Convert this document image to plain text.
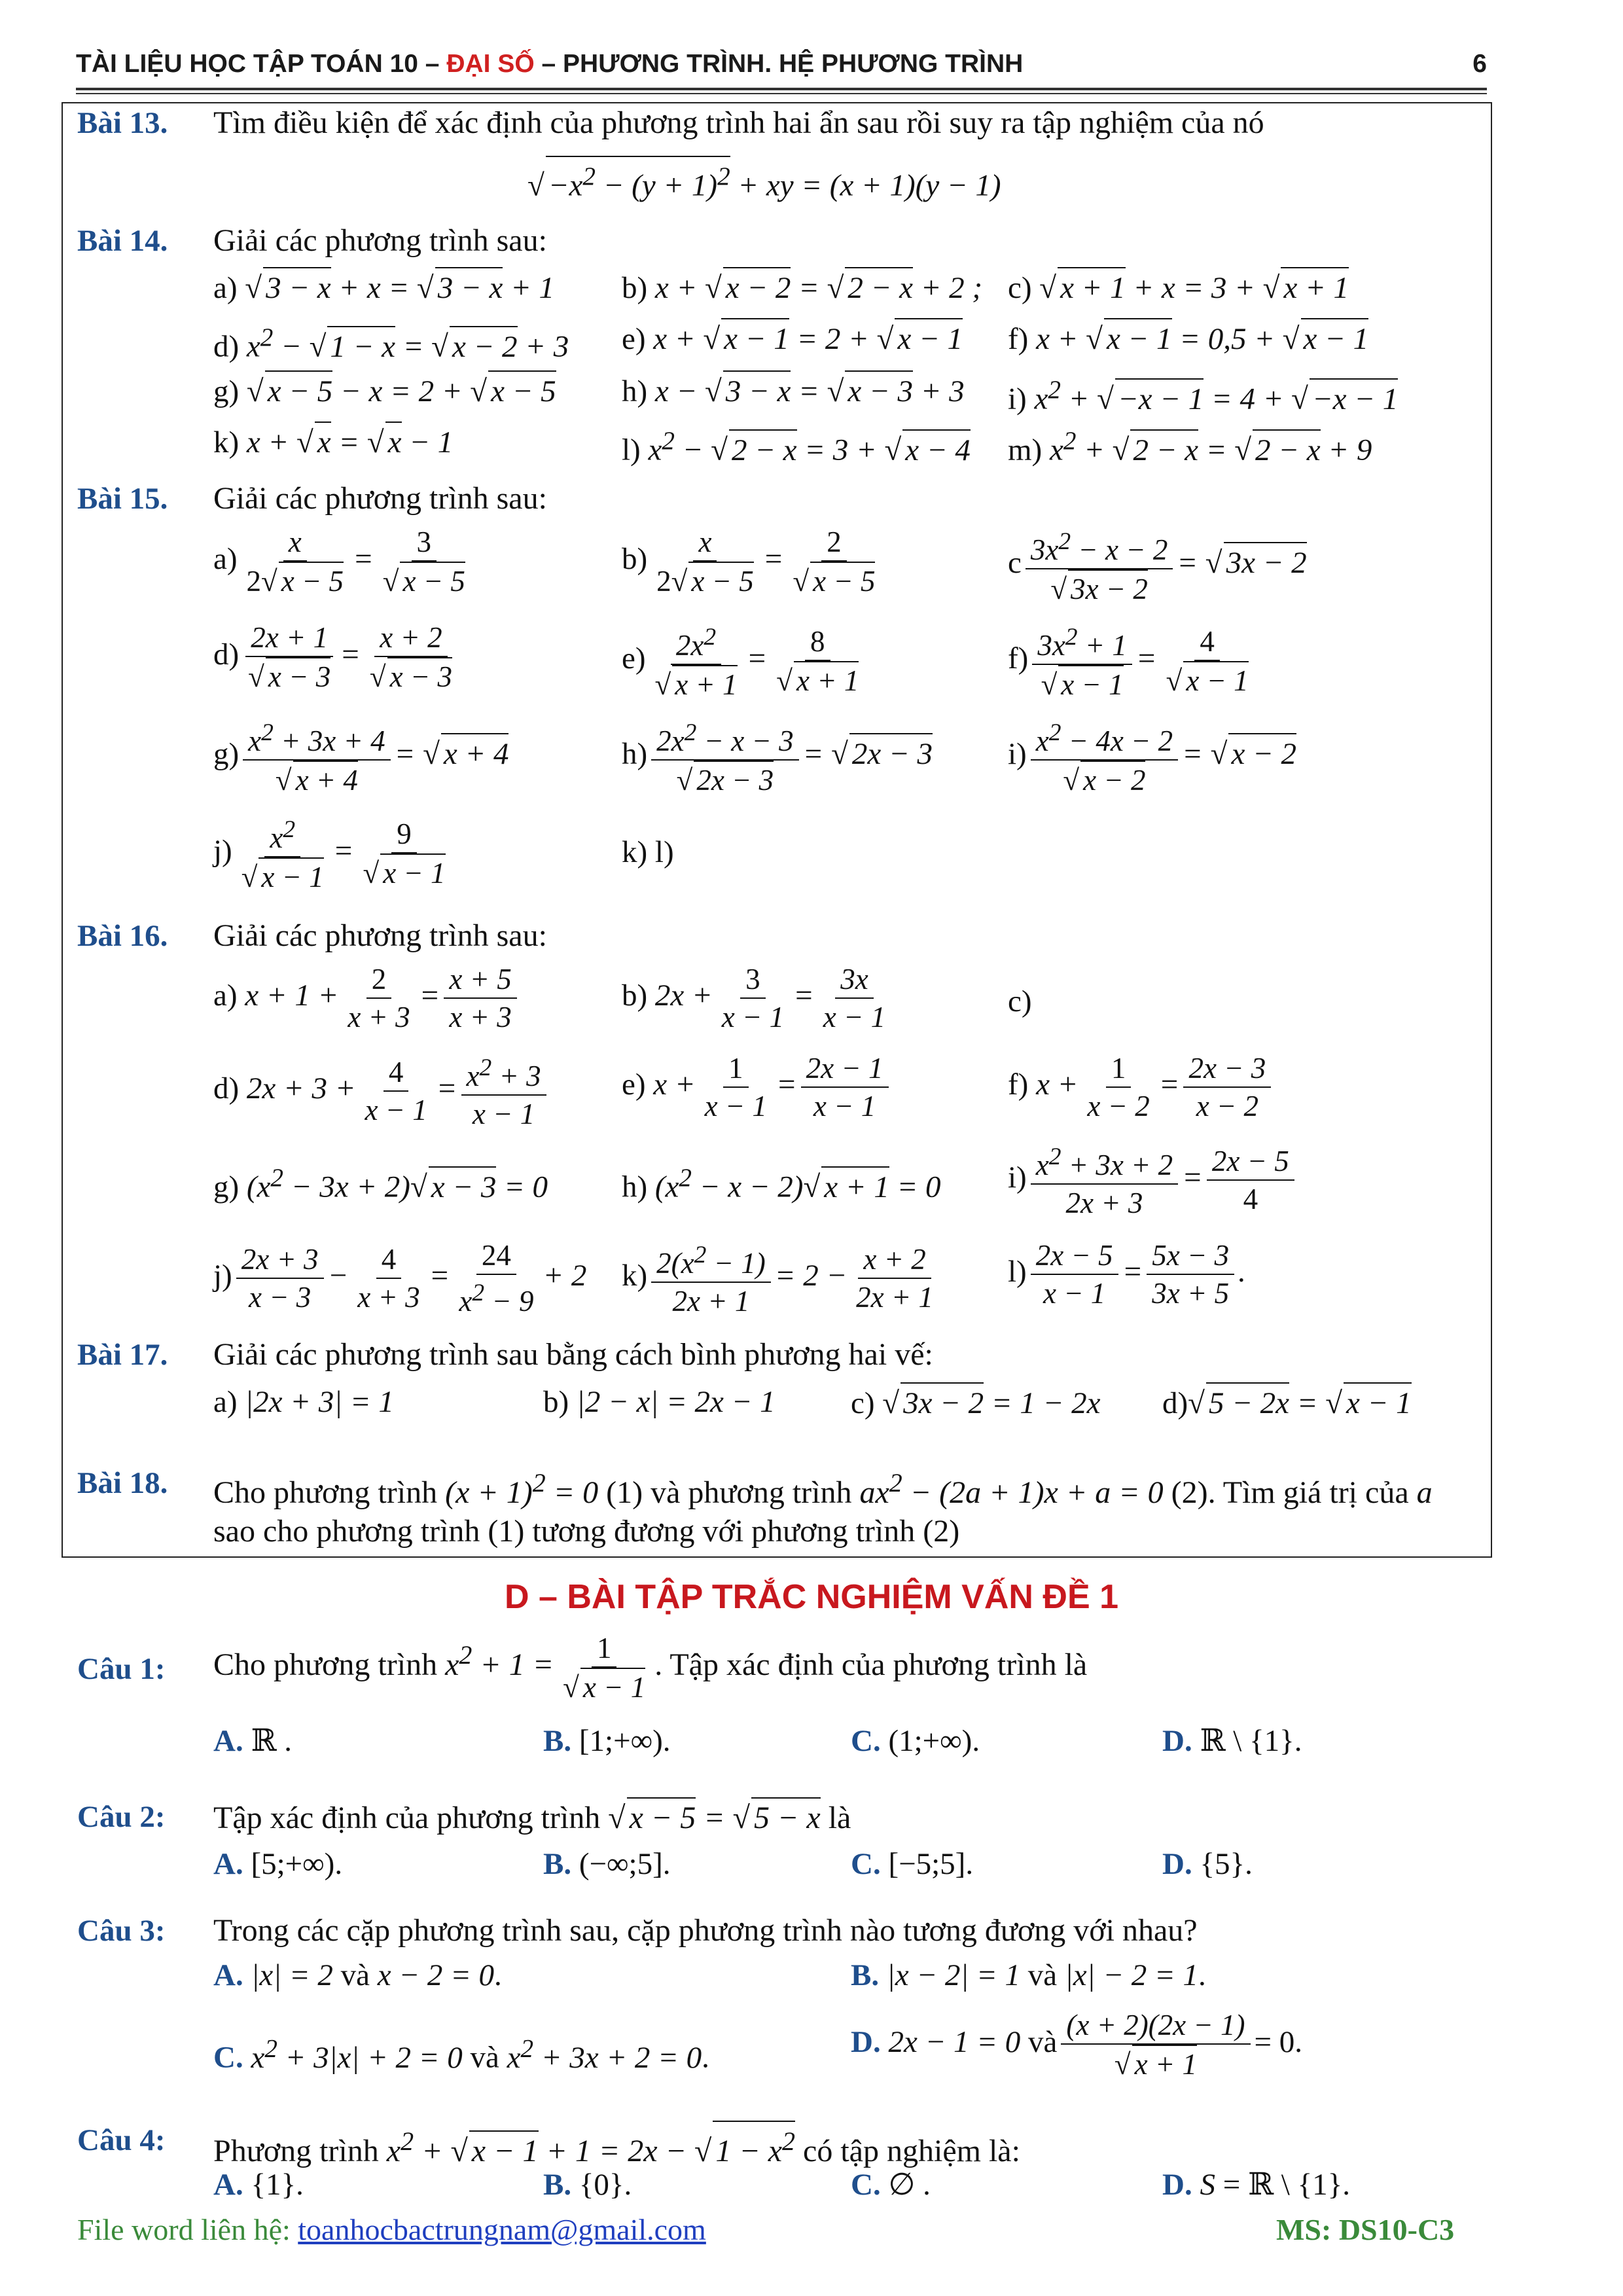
TÀI LIỆU HỌC TẬP TOÁN 10 – ĐẠI SỐ – PHƯƠNG TRÌNH. HỆ PHƯƠNG TRÌNH	6
Bài 13. Tìm điều kiện để xác định của phương trình hai ẩn sau rồi suy ra tập nghiệm của nó
√ $-x^2 - (y + 1)^2$ + xy = (x + 1)(y − 1)
Bài 14. Giải các phương trình sau:
a) √ 3 − x + x = √ 3 − x + 1 b) x + √ x − 2 = √ 2 − x + 2 ; c) √ x + 1 + x = 3 + √ x + 1
d) $x^2$ − √ 1 − x = √ x − 2 + 3 e) x + √ x − 1 = 2 + √ x − 1 f) x + √ x − 1 = 0,5 + √ x − 1
g) √ x − 5 − x = 2 + √ x − 5 h) x − √ 3 − x = √ x − 3 + 3 i) $x^2$ + √ −x − 1 = 4 + √ −x − 1
k) x + √ x = √ x − 1	l) $x^2$ − √ 2 − x = 3 + √ x − 4 m) $x^2$ + √ 2 − x = √ 2 − x + 9
Bài 15. Giải các phương trình sau:
$a) \frac{x}{2√ x - 5} = \frac{3}{√ x - 5}$	$b) \frac{x}{2√ x - 5} = \frac{2}{√ x - 5}$	c $\frac{3x^2 - x - 2}{√ 3x - 2}$ = √ 3x − 2
$d) \frac{2x + 1}{√ x - 3} = \frac{x + 2}{√ x - 3}$	$e) \frac{2x^2}{√ x + 1} = \frac{8}{√ x + 1}$	$f) \frac{3x^2 + 1}{√ x - 1} = \frac{4}{√ x - 1}$
$g) \frac{x^2 + 3x + 4}{√ x + 4}$ = √ x + 4	$h) \frac{2x^2 - x - 3}{√ 2x - 3}$ = √ 2x − 3 $i) \frac{x^2 - 4x - 2}{√ x - 2}$ = √ x − 2
$j) \frac{x^2}{√ x - 1} = \frac{9}{√ x - 1}$	k) l)
Bài 16. Giải các phương trình sau:
a) $x + 1 + \frac{2}{x + 3} = \frac{x + 5}{x + 3}$	b) $2x + \frac{3}{x - 1} = \frac{3x}{x - 1}$	c)
d) $2x + 3 + \frac{4}{x - 1} = \frac{x^2 + 3}{x - 1} e$) $x + \frac{1}{x - 1} = \frac{2x - 1}{x - 1}$	f) $x + \frac{1}{x - 2} = \frac{2x - 3}{x - 2}$
g) $(x^2 - 3x + 2)√$ x − 3 = 0 h) $(x^2 - x - 2)√$ x + 1 = 0 $i) \frac{x^2 + 3x + 2}{2x + 3} = \frac{2x - 5}{4}$
$j) \frac{2x + 3}{x - 3} - \frac{4}{x + 3} = \frac{24}{x^2 - 9} + 2$ $k) \frac{2(x^2 - 1)}{2x + 1} = 2 - \frac{x + 2}{2x + 1} l) \frac{2x - 5}{x - 1} = \frac{5x - 3}{3x + 5}$ .
Bài 17. Giải các phương trình sau bằng cách bình phương hai vế:
a) |2x + 3| = 1	b) |2 − x| = 2x − 1 c) √ 3x − 2 = 1 − 2x d)√ 5 − 2x = √ x − 1
Bài 18. Cho phương trình $(x + 1)^2 = 0$ (1) và phương trình $ax^2 - (2a + 1)x + a = 0$ (2). Tìm giá trị của a
sao cho phương trình (1) tương đương với phương trình (2)
D – BÀI TẬP TRẮC NGHIỆM VẤN ĐỀ 1
Câu 1: Cho phương trình $x^2 + 1 = \frac{1}{√ x - 1}$ . Tập xác định của phương trình là
A. ℝ .	B. [1;+∞).	C. (1;+∞).	D. ℝ \ {1}.
Câu 2: Tập xác định của phương trình √ x − 5 = √ 5 − x là
A. [5;+∞).	B. (−∞;5].	C. [−5;5].	D. {5}.
Câu 3: Trong các cặp phương trình sau, cặp phương trình nào tương đương với nhau?
A. |x| = 2 và x − 2 = 0.	B. |x − 2| = 1 và |x| − 2 = 1.
C. $x^2 + 3|x| + 2 = 0$ và $x^2 + 3x + 2 = 0$.	D. 2x − 1 = 0 và $\frac{(x + 2)(2x - 1)}{√ x + 1} = 0$.
Câu 4: Phương trình $x^2$ + √ x − 1 + 1 = 2x − √ $1 - x^2$ có tập nghiệm là:
A. {1}.	B. {0}.	C. ∅ .	D. S = ℝ \ {1}.
File word liên hệ: toanhocbactrungnam@gmail.com	MS: DS10-C3
